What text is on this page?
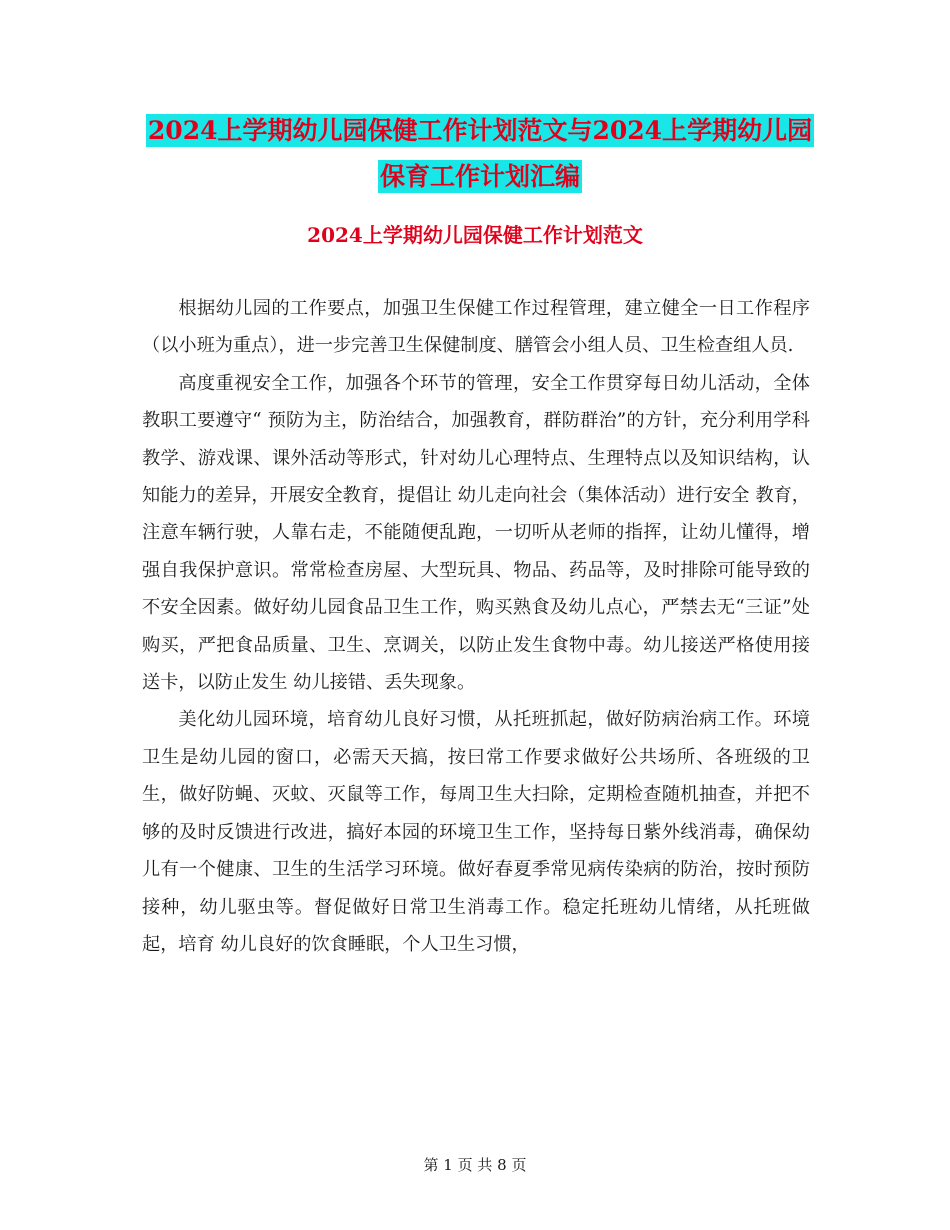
2024上学期幼儿园保健工作计划范文与2024上学期幼儿园保育工作计划汇编
2024上学期幼儿园保健工作计划范文

根据幼儿园的工作要点，加强卫生保健工作过程管理，建立健全一日工作程序（以小班为重点），进一步完善卫生保健制度、膳管会小组人员、卫生检查组人员.

高度重视安全工作，加强各个环节的管理，安全工作贯穿每日幼儿活动，全体教职工要遵守“ 预防为主，防治结合，加强教育，群防群治”的方针，充分利用学科教学、游戏课、课外活动等形式，针对幼儿心理特点、生理特点以及知识结构，认知能力的差异，开展安全教育，提倡让 幼儿走向社会（集体活动）进行安全 教育，注意车辆行驶，人靠右走，不能随便乱跑，一切听从老师的指挥，让幼儿懂得，增强自我保护意识。常常检查房屋、大型玩具、物品、药品等，及时排除可能导致的不安全因素。做好幼儿园食品卫生工作，购买熟食及幼儿点心，严禁去无“三证”处购买，严把食品质量、卫生、烹调关，以防止发生食物中毒。幼儿接送严格使用接送卡，以防止发生 幼儿接错、丢失现象。

美化幼儿园环境，培育幼儿良好习惯，从托班抓起，做好防病治病工作。环境卫生是幼儿园的窗口，必需天天搞，按曰常工作要求做好公共场所、各班级的卫生，做好防蝇、灭蚊、灭鼠等工作，每周卫生大扫除，定期检查随机抽查，并把不够的及时反馈进行改进，搞好本园的环境卫生工作，坚持每日紫外线消毒，确保幼儿有一个健康、卫生的生活学习环境。做好春夏季常见病传染病的防治，按时预防接种，幼儿驱虫等。督促做好日常卫生消毒工作。稳定托班幼儿情绪，从托班做起，培育 幼儿良好的饮食睡眠，个人卫生习惯，

第 1 页 共 8 页
